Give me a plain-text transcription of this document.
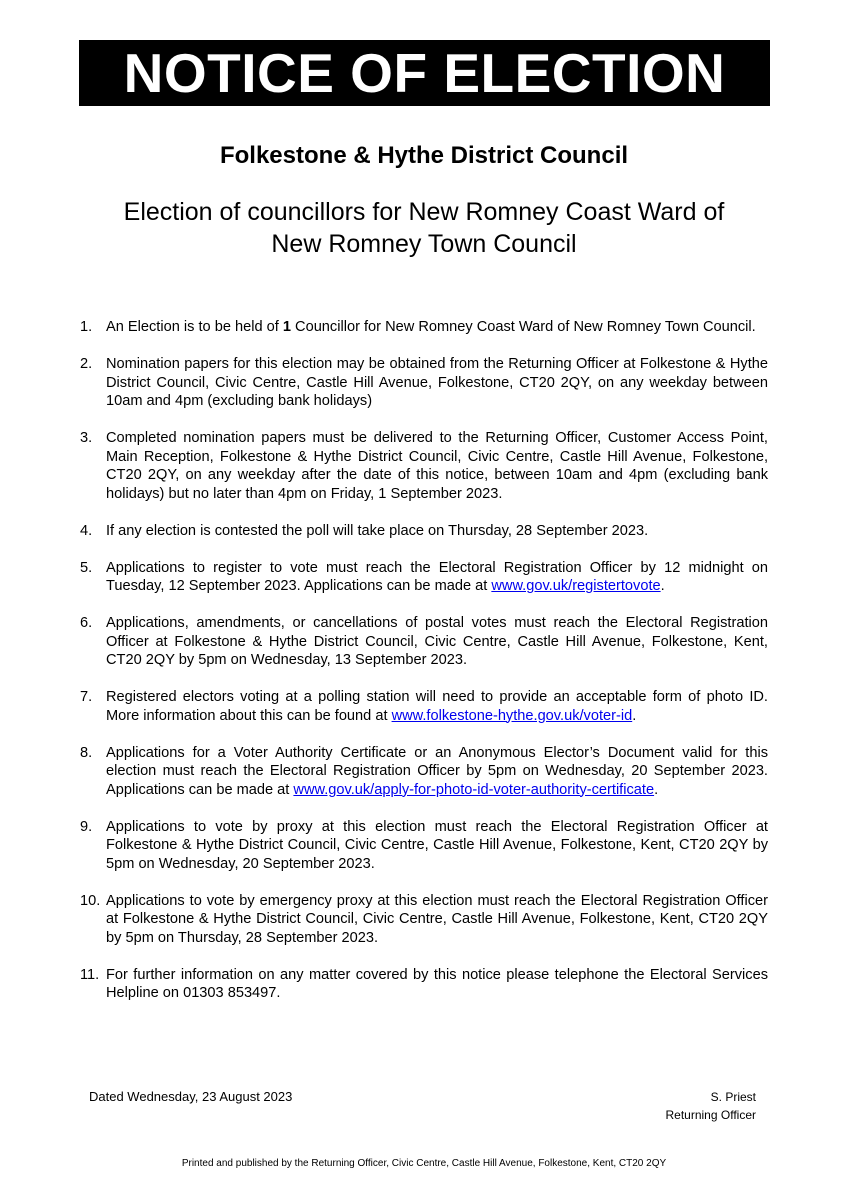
NOTICE OF ELECTION
Folkestone & Hythe District Council
Election of councillors for New Romney Coast Ward of
New Romney Town Council
1. An Election is to be held of 1 Councillor for New Romney Coast Ward of New Romney Town Council.
2. Nomination papers for this election may be obtained from the Returning Officer at Folkestone & Hythe District Council, Civic Centre, Castle Hill Avenue, Folkestone, CT20 2QY, on any weekday between 10am and 4pm (excluding bank holidays)
3. Completed nomination papers must be delivered to the Returning Officer, Customer Access Point, Main Reception, Folkestone & Hythe District Council, Civic Centre, Castle Hill Avenue, Folkestone, CT20 2QY, on any weekday after the date of this notice, between 10am and 4pm (excluding bank holidays) but no later than 4pm on Friday, 1 September 2023.
4. If any election is contested the poll will take place on Thursday, 28 September 2023.
5. Applications to register to vote must reach the Electoral Registration Officer by 12 midnight on Tuesday, 12 September 2023. Applications can be made at www.gov.uk/registertovote.
6. Applications, amendments, or cancellations of postal votes must reach the Electoral Registration Officer at Folkestone & Hythe District Council, Civic Centre, Castle Hill Avenue, Folkestone, Kent, CT20 2QY by 5pm on Wednesday, 13 September 2023.
7. Registered electors voting at a polling station will need to provide an acceptable form of photo ID. More information about this can be found at www.folkestone-hythe.gov.uk/voter-id.
8. Applications for a Voter Authority Certificate or an Anonymous Elector’s Document valid for this election must reach the Electoral Registration Officer by 5pm on Wednesday, 20 September 2023. Applications can be made at www.gov.uk/apply-for-photo-id-voter-authority-certificate.
9. Applications to vote by proxy at this election must reach the Electoral Registration Officer at Folkestone & Hythe District Council, Civic Centre, Castle Hill Avenue, Folkestone, Kent, CT20 2QY by 5pm on Wednesday, 20 September 2023.
10. Applications to vote by emergency proxy at this election must reach the Electoral Registration Officer at Folkestone & Hythe District Council, Civic Centre, Castle Hill Avenue, Folkestone, Kent, CT20 2QY by 5pm on Thursday, 28 September 2023.
11. For further information on any matter covered by this notice please telephone the Electoral Services Helpline on 01303 853497.
Dated Wednesday, 23 August 2023	S. Priest
Returning Officer
Printed and published by the Returning Officer, Civic Centre, Castle Hill Avenue, Folkestone, Kent, CT20 2QY
